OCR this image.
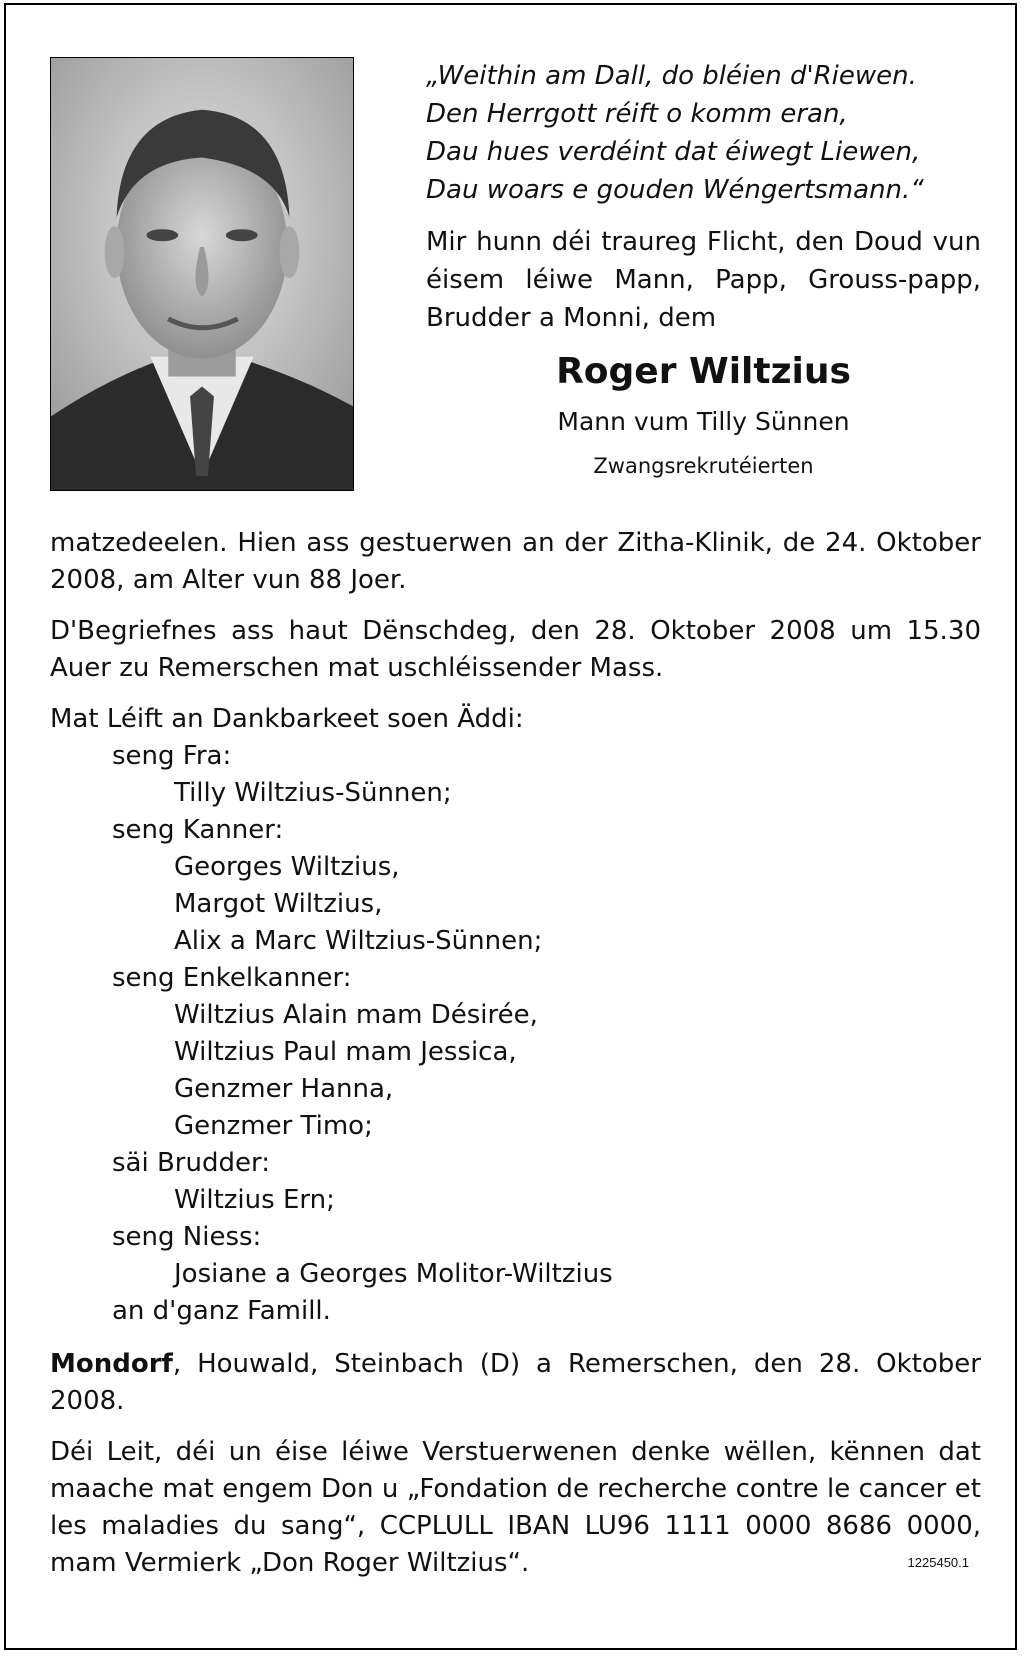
„Weithin am Dall, do bléien d'Riewen.
Den Herrgott réift o komm eran,
Dau hues verdéint dat éiwegt Liewen,
Dau woars e gouden Wéngertsmann.“
Mir hunn déi traureg Flicht, den Doud vun éisem léiwe Mann, Papp, Grouss-papp, Brudder a Monni, dem
Roger Wiltzius
Mann vum Tilly Sünnen
Zwangsrekrutéierten

matzedeelen. Hien ass gestuerwen an der Zitha-Klinik, de 24. Oktober 2008, am Alter vun 88 Joer.

D'Begriefnes ass haut Dënschdeg, den 28. Oktober 2008 um 15.30 Auer zu Remerschen mat uschléissender Mass.

Mat Léift an Dankbarkeet soen Äddi:
seng Fra:
Tilly Wiltzius-Sünnen;
seng Kanner:
Georges Wiltzius,
Margot Wiltzius,
Alix a Marc Wiltzius-Sünnen;
seng Enkelkanner:
Wiltzius Alain mam Désirée,
Wiltzius Paul mam Jessica,
Genzmer Hanna,
Genzmer Timo;
säi Brudder:
Wiltzius Ern;
seng Niess:
Josiane a Georges Molitor-Wiltzius
an d'ganz Famill.

Mondorf, Houwald, Steinbach (D) a Remerschen, den 28. Oktober 2008.

Déi Leit, déi un éise léiwe Verstuerwenen denke wëllen, kënnen dat maache mat engem Don u „Fondation de recherche contre le cancer et les maladies du sang“, CCPLULL IBAN LU96 1111 0000 8686 0000, mam Vermierk „Don Roger Wiltzius“.	1225450.1
